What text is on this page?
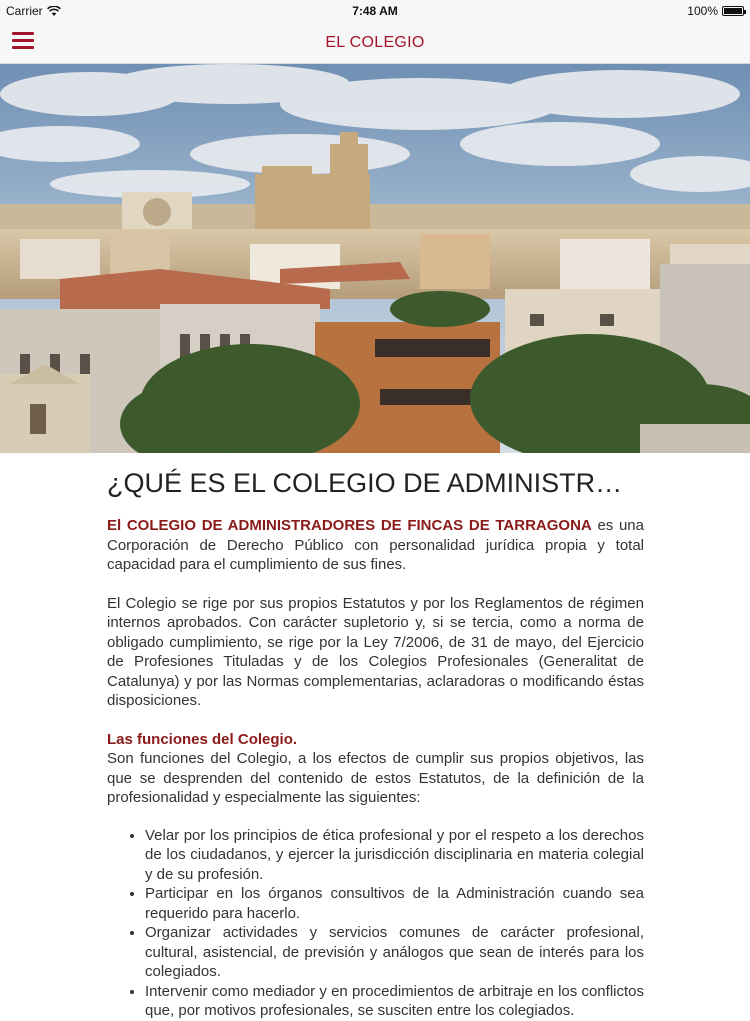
Carrier	7:48 AM	100%
EL COLEGIO
¿QUÉ ES EL COLEGIO DE ADMINISTR…

El COLEGIO DE ADMINISTRADORES DE FINCAS DE TARRAGONA es una Corporación de Derecho Público con personalidad jurídica propia y total capacidad para el cumplimiento de sus fines.

El Colegio se rige por sus propios Estatutos y por los Reglamentos de régimen internos aprobados. Con carácter supletorio y, si se tercia, como a norma de obligado cumplimiento, se rige por la Ley 7/2006, de 31 de mayo, del Ejercicio de Profesiones Tituladas y de los Colegios Profesionales (Generalitat de Catalunya) y por las Normas complementarias, aclaradoras o modificando éstas disposiciones.

Las funciones del Colegio.
Son funciones del Colegio, a los efectos de cumplir sus propios objetivos, las que se desprenden del contenido de estos Estatutos, de la definición de la profesionalidad y especialmente las siguientes:
• Velar por los principios de ética profesional y por el respeto a los derechos de los ciudadanos, y ejercer la jurisdicción disciplinaria en materia colegial y de su profesión.
• Participar en los órganos consultivos de la Administración cuando sea requerido para hacerlo.
• Organizar actividades y servicios comunes de carácter profesional, cultural, asistencial, de previsión y análogos que sean de interés para los colegiados.
• Intervenir como mediador y en procedimientos de arbitraje en los conflictos que, por motivos profesionales, se susciten entre los colegiados.
